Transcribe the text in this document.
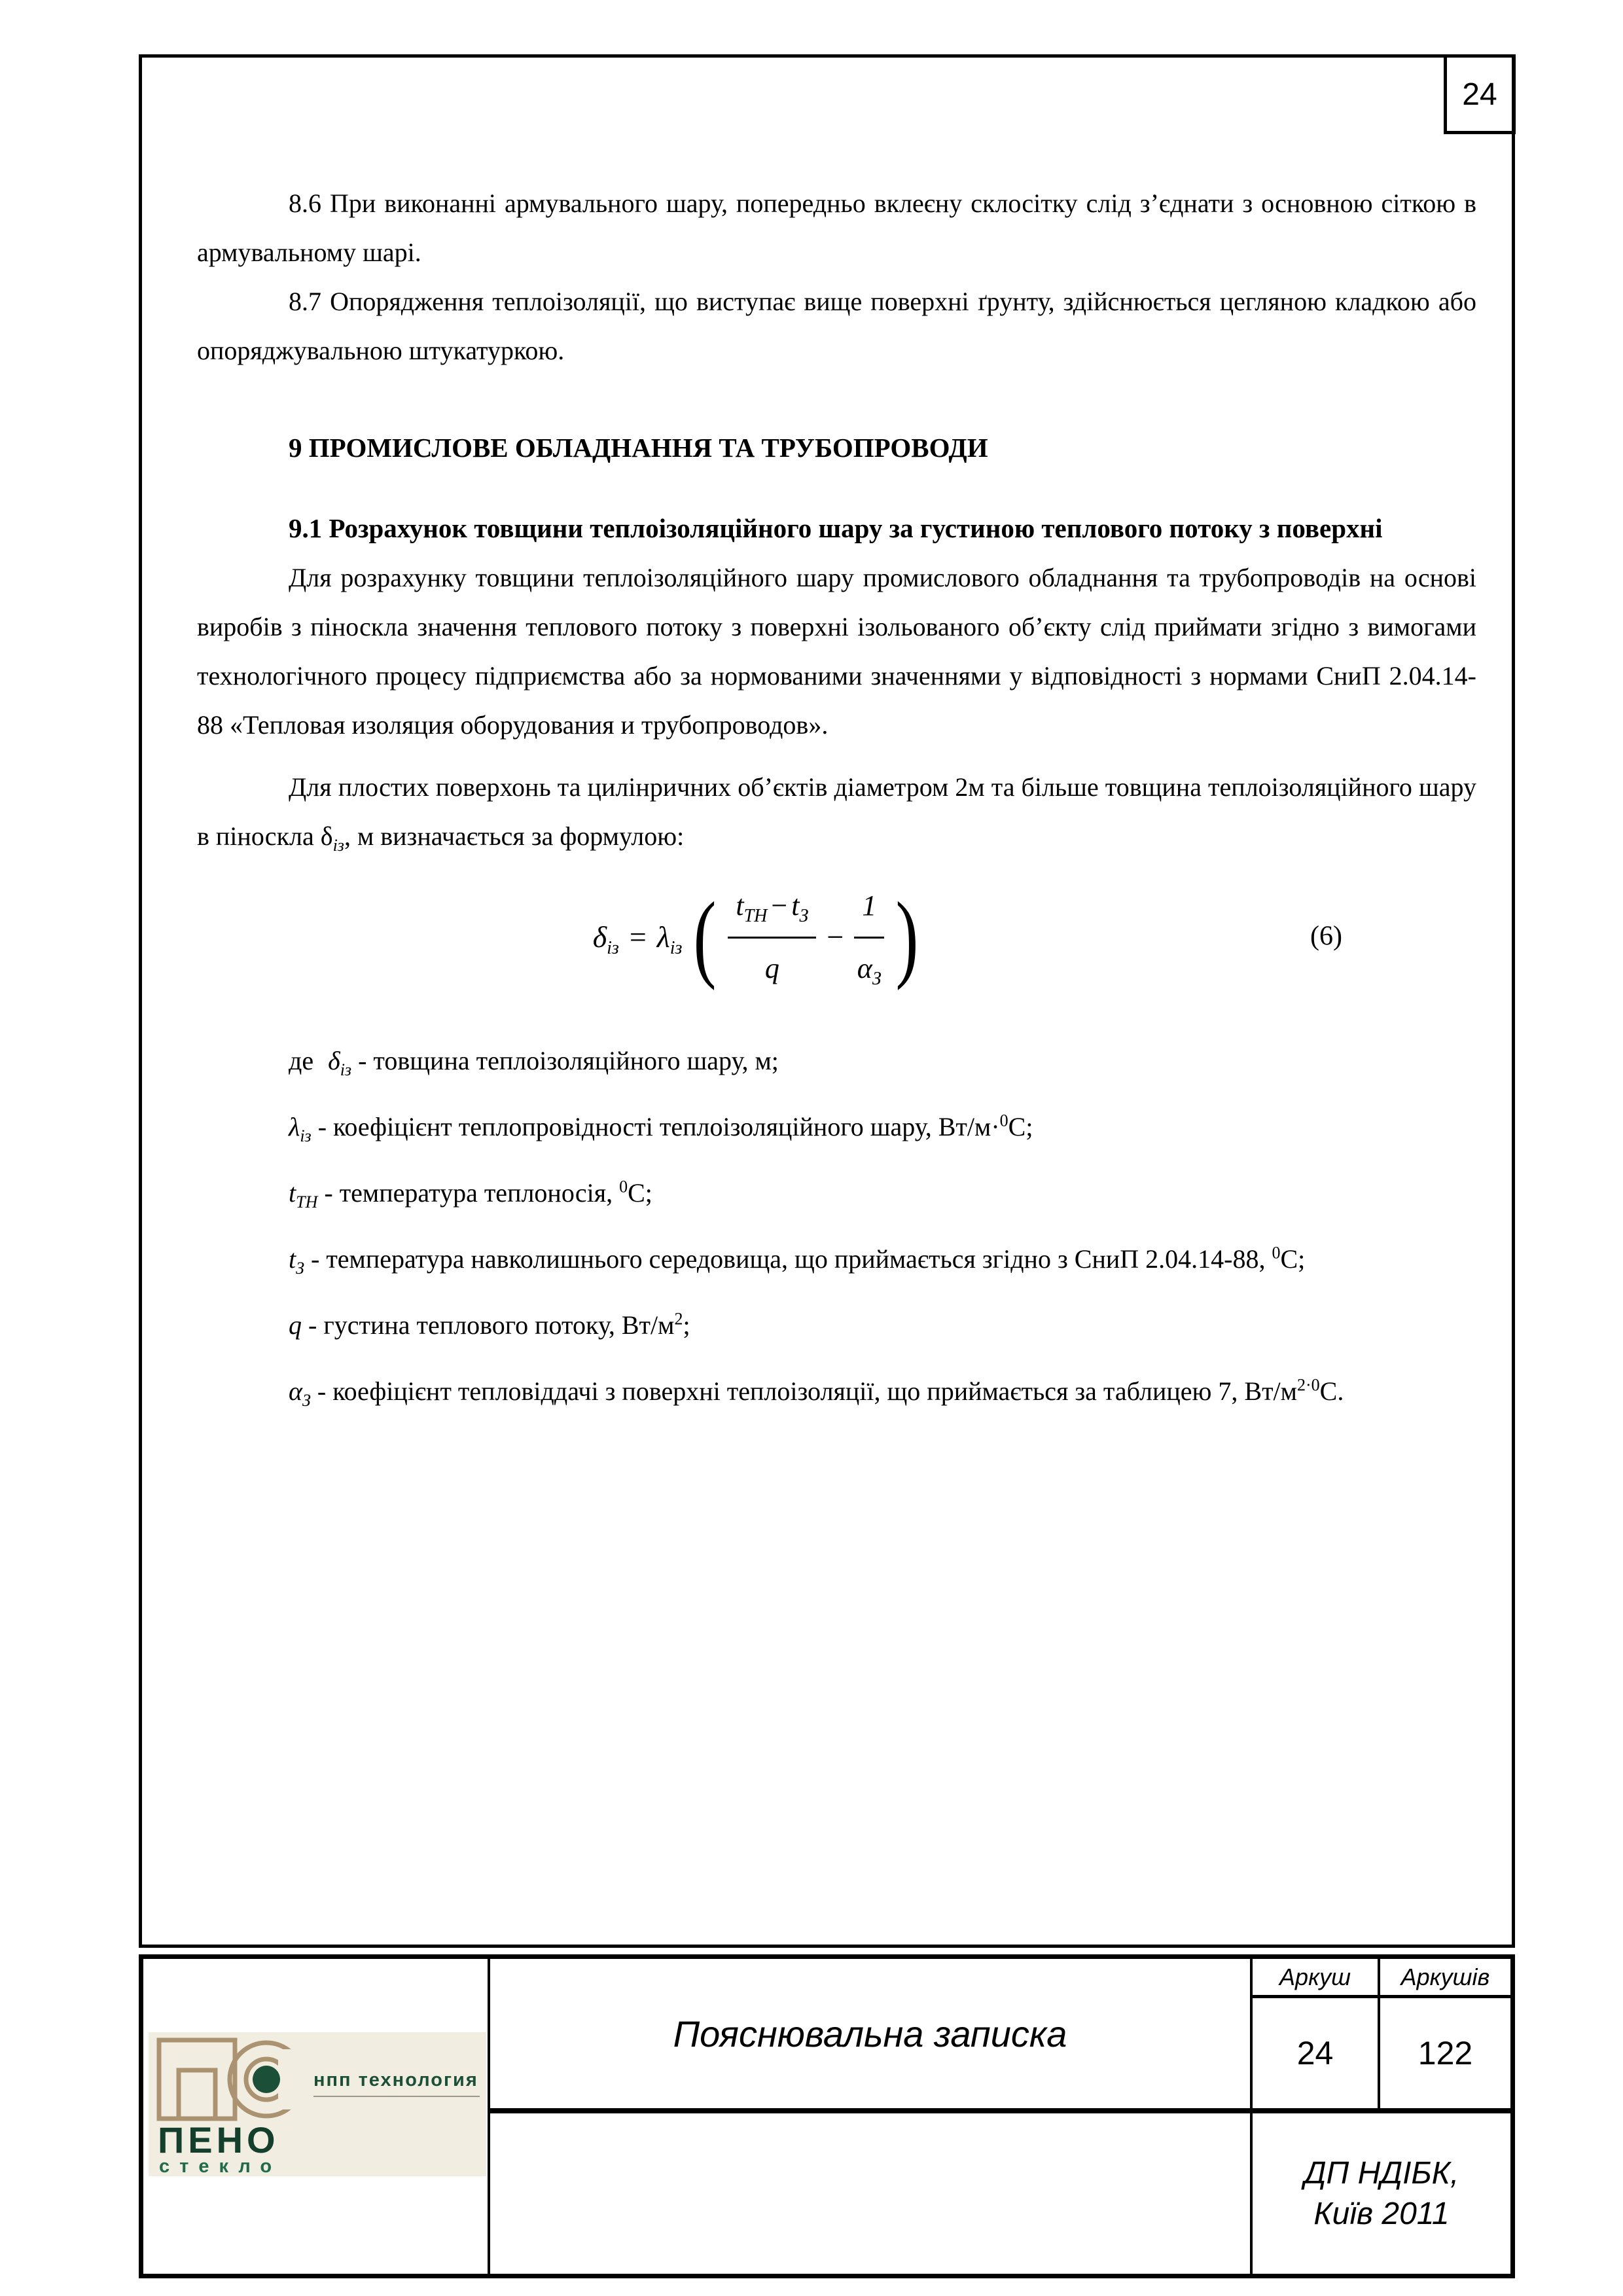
24

8.6 При виконанні армувального шару, попередньо вклеєну склосітку слід з’єднати з основною сіткою в армувальному шарі.

8.7 Опорядження теплоізоляції, що виступає вище поверхні ґрунту, здійснюється цегляною кладкою або опоряджувальною штукатуркою.

9 ПРОМИСЛОВЕ ОБЛАДНАННЯ ТА ТРУБОПРОВОДИ

9.1 Розрахунок товщини теплоізоляційного шару за густиною теплового потоку з поверхні

Для розрахунку товщини теплоізоляційного шару промислового обладнання та трубопроводів на основі виробів з піноскла значення теплового потоку з поверхні ізольованого об’єкту слід приймати згідно з вимогами технологічного процесу підприємства або за нормованими значеннями у відповідності з нормами СниП 2.04.14-88 «Тепловая изоляция оборудования и трубопроводов».

Для плостих поверхонь та цилінричних об’єктів діаметром 2м та більше товщина теплоізоляційного шару в піноскла $\delta_{із}$, м визначається за формулою:

$\delta_{із} = \lambda_{із}$ ( $\frac{t_{ТН} - t_З}{q} - \frac{1}{\alpha_З}$ )	(6)

де $\delta_{із}$ - товщина теплоізоляційного шару, м;

$\lambda_{із}$ - коефіцієнт теплопровідності теплоізоляційного шару, Вт/м·$^0$С;

$t_{ТН}$ - температура теплоносія, $^0$С;

$t_З$ - температура навколишнього середовища, що приймається згідно з СниП 2.04.14-88, $^0$С;

q - густина теплового потоку, $Вт/м^2$;

$\alpha_З$ - коефіцієнт тепловіддачі з поверхні теплоізоляції, що приймається за таблицею 7, $Вт/м^{2\cdot 0}С$.

Аркуш	Аркушів
24	122
Пояснювальна записка
ДП НДІБК,
Київ 2011
нпп технология
ПЕНО
стекло
